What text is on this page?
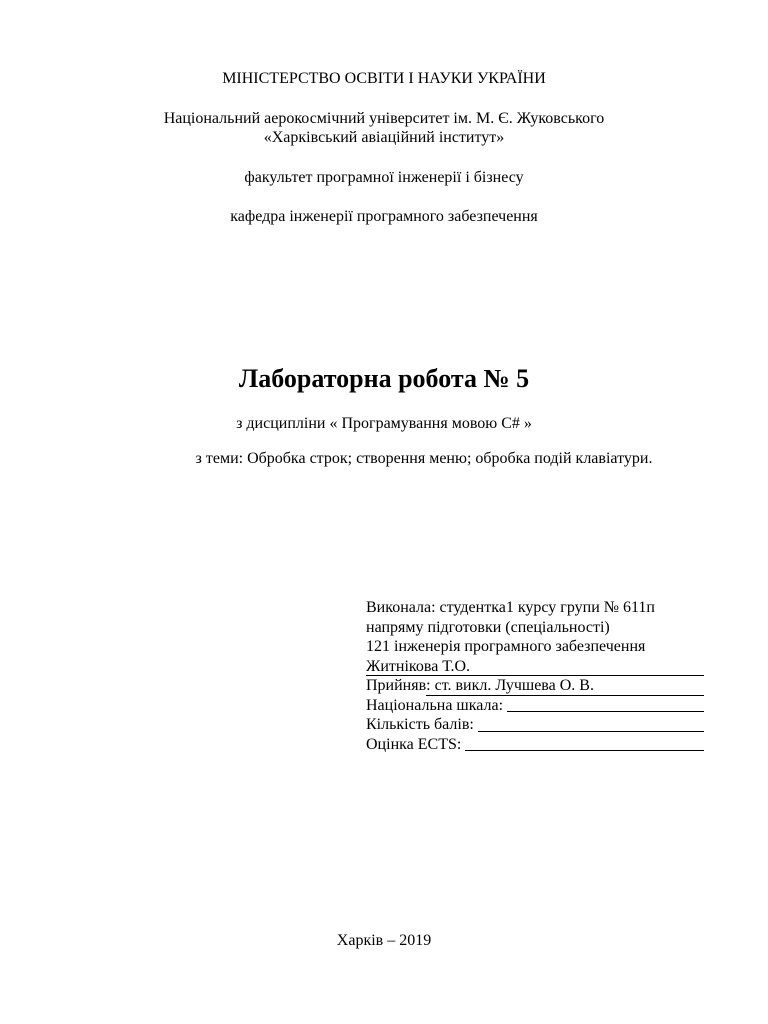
МІНІСТЕРСТВО ОСВІТИ І НАУКИ УКРАЇНИ
Національний аерокосмічний університет ім. М. Є. Жуковського
«Харківський авіаційний інститут»
факультет програмної інженерії і бізнесу
кафедра інженерії програмного забезпечення
Лабораторна робота № 5
з дисципліни « Програмування мовою С# »
з теми: Обробка строк; створення меню; обробка подій клавіатури.
Виконала: студентка1 курсу групи № 611п
напряму підготовки (спеціальності)
121 інженерія програмного забезпечення
Житнікова Т.О.
Прийняв : ст. викл. Лучшева О. В.
Національна шкала:
Кількість балів:
Оцінка ECTS:
Харків – 2019
